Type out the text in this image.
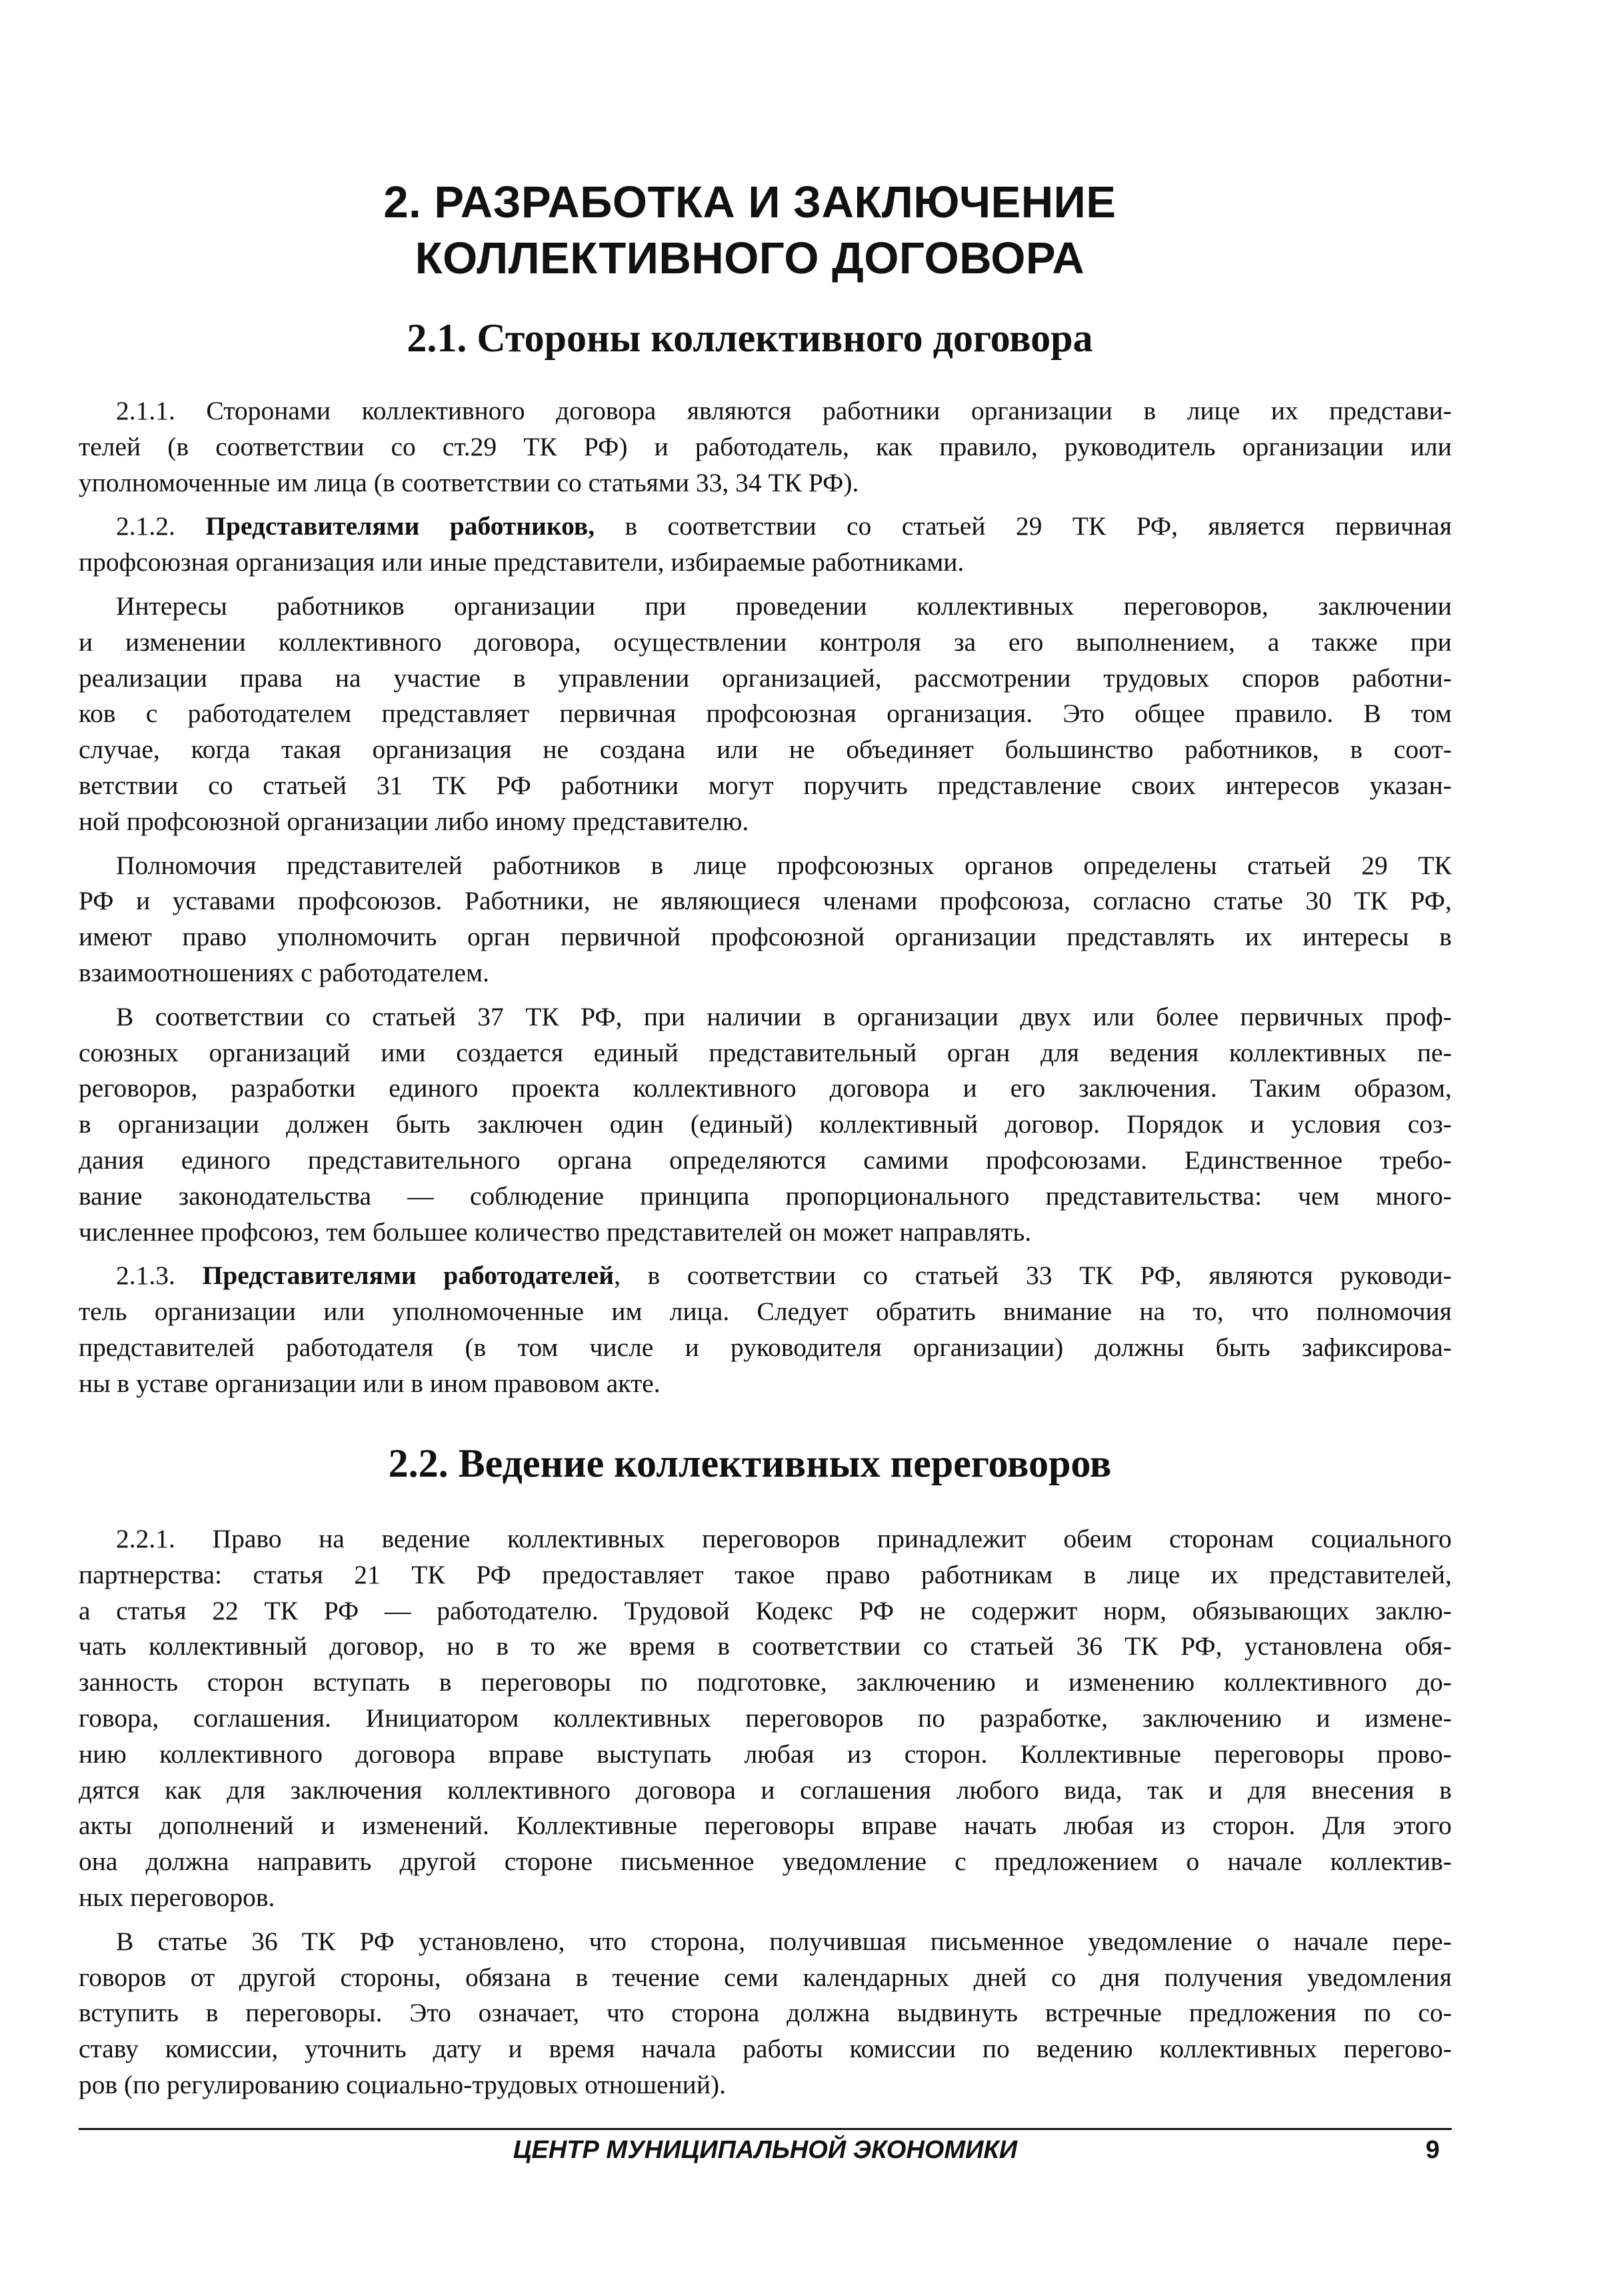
2. РАЗРАБОТКА И ЗАКЛЮЧЕНИЕ
КОЛЛЕКТИВНОГО ДОГОВОРА
2.1. Стороны коллективного договора

2.1.1. Сторонами коллективного договора являются работники организации в лице их представи-
телей (в соответствии со ст.29 ТК РФ) и работодатель, как правило, руководитель организации или
уполномоченные им лица (в соответствии со статьями 33, 34 ТК РФ).

2.1.2. Представителями работников, в соответствии со статьей 29 ТК РФ, является первичная
профсоюзная организация или иные представители, избираемые работниками.

Интересы работников организации при проведении коллективных переговоров, заключении
и изменении коллективного договора, осуществлении контроля за его выполнением, а также при
реализации права на участие в управлении организацией, рассмотрении трудовых споров работни-
ков с работодателем представляет первичная профсоюзная организация. Это общее правило. В том
случае, когда такая организация не создана или не объединяет большинство работников, в соот-
ветствии со статьей 31 ТК РФ работники могут поручить представление своих интересов указан-
ной профсоюзной организации либо иному представителю.

Полномочия представителей работников в лице профсоюзных органов определены статьей 29 ТК
РФ и уставами профсоюзов. Работники, не являющиеся членами профсоюза, согласно статье 30 ТК РФ,
имеют право уполномочить орган первичной профсоюзной организации представлять их интересы в
взаимоотношениях с работодателем.

В соответствии со статьей 37 ТК РФ, при наличии в организации двух или более первичных проф-
союзных организаций ими создается единый представительный орган для ведения коллективных пе-
реговоров, разработки единого проекта коллективного договора и его заключения. Таким образом,
в организации должен быть заключен один (единый) коллективный договор. Порядок и условия соз-
дания единого представительного органа определяются самими профсоюзами. Единственное требо-
вание законодательства — соблюдение принципа пропорционального представительства: чем много-
численнее профсоюз, тем большее количество представителей он может направлять.

2.1.3. Представителями работодателей, в соответствии со статьей 33 ТК РФ, являются руководи-
тель организации или уполномоченные им лица. Следует обратить внимание на то, что полномочия
представителей работодателя (в том числе и руководителя организации) должны быть зафиксирова-
ны в уставе организации или в ином правовом акте.

2.2. Ведение коллективных переговоров

2.2.1. Право на ведение коллективных переговоров принадлежит обеим сторонам социального
партнерства: статья 21 ТК РФ предоставляет такое право работникам в лице их представителей,
а статья 22 ТК РФ — работодателю. Трудовой Кодекс РФ не содержит норм, обязывающих заклю-
чать коллективный договор, но в то же время в соответствии со статьей 36 ТК РФ, установлена обя-
занность сторон вступать в переговоры по подготовке, заключению и изменению коллективного до-
говора, соглашения. Инициатором коллективных переговоров по разработке, заключению и измене-
нию коллективного договора вправе выступать любая из сторон. Коллективные переговоры прово-
дятся как для заключения коллективного договора и соглашения любого вида, так и для внесения в
акты дополнений и изменений. Коллективные переговоры вправе начать любая из сторон. Для этого
она должна направить другой стороне письменное уведомление с предложением о начале коллектив-
ных переговоров.

В статье 36 ТК РФ установлено, что сторона, получившая письменное уведомление о начале пере-
говоров от другой стороны, обязана в течение семи календарных дней со дня получения уведомления
вступить в переговоры. Это означает, что сторона должна выдвинуть встречные предложения по со-
ставу комиссии, уточнить дату и время начала работы комиссии по ведению коллективных перегово-
ров (по регулированию социально-трудовых отношений).

ЦЕНТР МУНИЦИПАЛЬНОЙ ЭКОНОМИКИ	9
